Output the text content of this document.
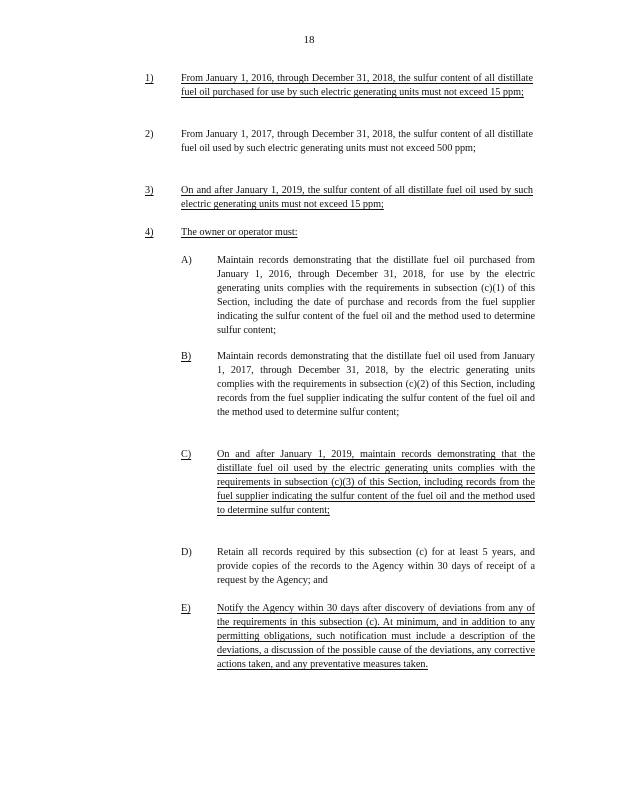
18
1)	From January 1, 2016, through December 31, 2018, the sulfur content of all distillate fuel oil purchased for use by such electric generating units must not exceed 15 ppm;
2)	From January 1, 2017, through December 31, 2018, the sulfur content of all distillate fuel oil used by such electric generating units must not exceed 500 ppm;
3)	On and after January 1, 2019, the sulfur content of all distillate fuel oil used by such electric generating units must not exceed 15 ppm;
4)	The owner or operator must:
A) Maintain records demonstrating that the distillate fuel oil purchased from January 1, 2016, through December 31, 2018, for use by the electric generating units complies with the requirements in subsection (c)(1) of this Section, including the date of purchase and records from the fuel supplier indicating the sulfur content of the fuel oil and the method used to determine sulfur content;
B)	Maintain records demonstrating that the distillate fuel oil used from January 1, 2017, through December 31, 2018, by the electric generating units complies with the requirements in subsection (c)(2) of this Section, including records from the fuel supplier indicating the sulfur content of the fuel oil and the method used to determine sulfur content;
C)	On and after January 1, 2019, maintain records demonstrating that the distillate fuel oil used by the electric generating units complies with the requirements in subsection (c)(3) of this Section, including records from the fuel supplier indicating the sulfur content of the fuel oil and the method used to determine sulfur content;
D) Retain all records required by this subsection (c) for at least 5 years, and provide copies of the records to the Agency within 30 days of receipt of a request by the Agency; and
E)	Notify the Agency within 30 days after discovery of deviations from any of the requirements in this subsection (c). At minimum, and in addition to any permitting obligations, such notification must include a description of the deviations, a discussion of the possible cause of the deviations, any corrective actions taken, and any preventative measures taken.
